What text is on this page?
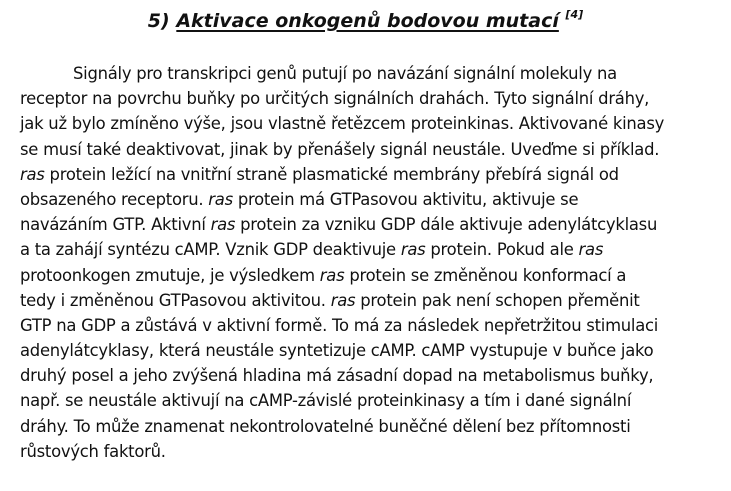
5) Aktivace onkogenů bodovou mutací [4]
Signály pro transkripci genů putují po navázání signální molekuly na
receptor na povrchu buňky po určitých signálních drahách. Tyto signální dráhy,
jak už bylo zmíněno výše, jsou vlastně řetězcem proteinkinas. Aktivované kinasy
se musí také deaktivovat, jinak by přenášely signál neustále. Uveďme si příklad.
ras protein ležící na vnitřní straně plasmatické membrány přebírá signál od
obsazeného receptoru. ras protein má GTPasovou aktivitu, aktivuje se
navázáním GTP. Aktivní ras protein za vzniku GDP dále aktivuje adenylátcyklasu
a ta zahájí syntézu cAMP. Vznik GDP deaktivuje ras protein. Pokud ale ras
protoonkogen zmutuje, je výsledkem ras protein se změněnou konformací a
tedy i změněnou GTPasovou aktivitou. ras protein pak není schopen přeměnit
GTP na GDP a zůstává v aktivní formě. To má za následek nepřetržitou stimulaci
adenylátcyklasy, která neustále syntetizuje cAMP. cAMP vystupuje v buňce jako
druhý posel a jeho zvýšená hladina má zásadní dopad na metabolismus buňky,
např. se neustále aktivují na cAMP-závislé proteinkinasy a tím i dané signální
dráhy. To může znamenat nekontrolovatelné buněčné dělení bez přítomnosti
růstových faktorů.
